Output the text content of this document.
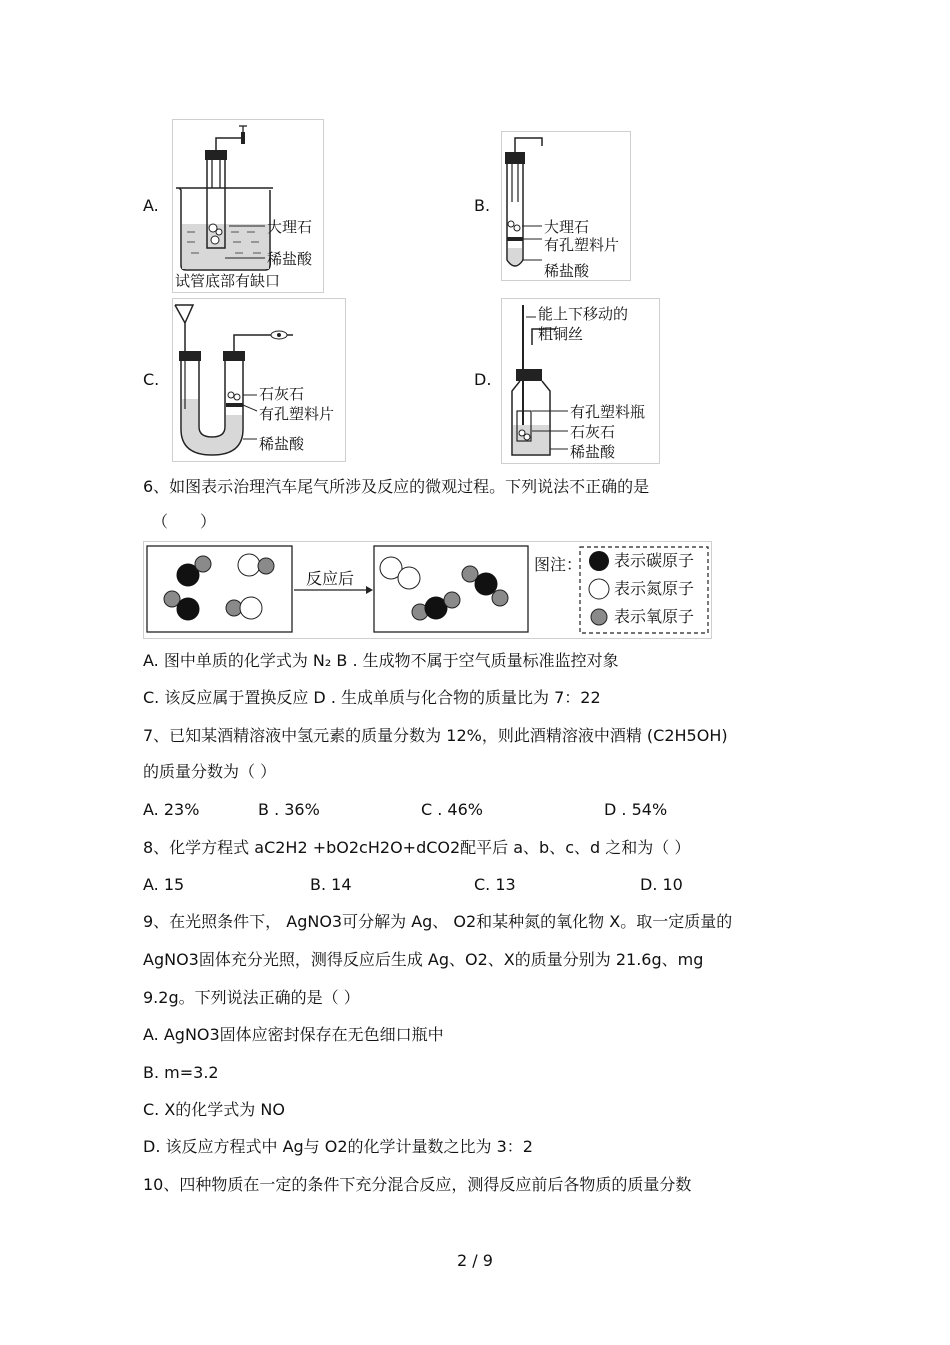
A.
大理石
稀盐酸
试管底部有缺口
B.
大理石
有孔塑料片
稀盐酸
C.
石灰石
有孔塑料片
稀盐酸
D.
能上下移动的
粗铜丝
有孔塑料瓶
石灰石
稀盐酸
6、如图表示治理汽车尾气所涉及反应的微观过程。下列说法不正确的是
（　　）
反应后
图注： 表示碳原子
表示氮原子
表示氧原子
A. 图中单质的化学式为 N₂ B . 生成物不属于空气质量标准监控对象
C. 该反应属于置换反应 D . 生成单质与化合物的质量比为 7：22
7、已知某酒精溶液中氢元素的质量分数为 12%，则此酒精溶液中酒精 (C2H5OH)
的质量分数为（ ）
A. 23%	B . 36%	C . 46%	D . 54%
8、化学方程式 aC2H2 +bO2cH2O+dCO2配平后 a、b、c、d 之和为（ ）
A. 15	B. 14	C. 13	D. 10
9、在光照条件下， AgNO3可分解为 Ag、 O2和某种氮的氧化物 X。取一定质量的
AgNO3固体充分光照，测得反应后生成 Ag、O2、X的质量分别为 21.6g、mg
9.2g。下列说法正确的是（ ）
A. AgNO3固体应密封保存在无色细口瓶中
B. m=3.2
C. X的化学式为 NO
D. 该反应方程式中 Ag与 O2的化学计量数之比为 3：2
10、四种物质在一定的条件下充分混合反应，测得反应前后各物质的质量分数
2 / 9
